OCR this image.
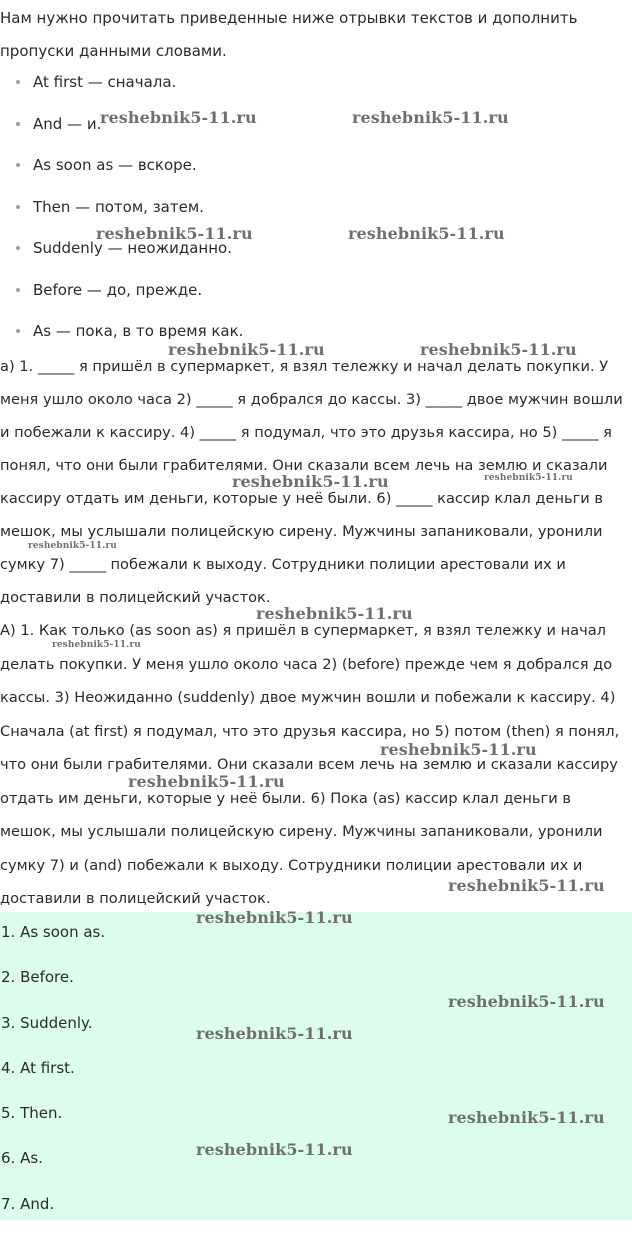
Нам нужно прочитать приведенные ниже отрывки текстов и дополнить пропуски данными словами.

At first — сначала.
And — и.
As soon as — вскоре.
Then — потом, затем.
Suddenly — неожиданно.
Before — до, прежде.
As — пока, в то время как.

a) 1. _____ я пришёл в супермаркет, я взял тележку и начал делать покупки. У меня ушло около часа 2) _____ я добрался до кассы. 3) _____ двое мужчин вошли и побежали к кассиру. 4) _____ я подумал, что это друзья кассира, но 5) _____ я понял, что они были грабителями. Они сказали всем лечь на землю и сказали кассиру отдать им деньги, которые у неё были. 6) _____ кассир клал деньги в мешок, мы услышали полицейскую сирену. Мужчины запаниковали, уронили сумку 7) _____ побежали к выходу. Сотрудники полиции арестовали их и доставили в полицейский участок.

А) 1. Как только (as soon as) я пришёл в супермаркет, я взял тележку и начал делать покупки. У меня ушло около часа 2) (before) прежде чем я добрался до кассы. 3) Неожиданно (suddenly) двое мужчин вошли и побежали к кассиру. 4) Сначала (at first) я подумал, что это друзья кассира, но 5) потом (then) я понял, что они были грабителями. Они сказали всем лечь на землю и сказали кассиру отдать им деньги, которые у неё были. 6) Пока (as) кассир клал деньги в мешок, мы услышали полицейскую сирену. Мужчины запаниковали, уронили сумку 7) и (and) побежали к выходу. Сотрудники полиции арестовали их и доставили в полицейский участок.

1. As soon as.
2. Before.
3. Suddenly.
4. At first.
5. Then.
6. As.
7. And.
reshebnik5-11.ru	reshebnik5-11.ru
reshebnik5-11.ru	reshebnik5-11.ru
reshebnik5-11.ru	reshebnik5-11.ru
reshebnik5-11.ru	reshebnik5-11.ru
reshebnik5-11.ru
reshebnik5-11.ru
reshebnik5-11.ru
reshebnik5-11.ru
reshebnik5-11.ru
reshebnik5-11.ru
reshebnik5-11.ru
reshebnik5-11.ru
reshebnik5-11.ru
reshebnik5-11.ru
reshebnik5-11.ru
